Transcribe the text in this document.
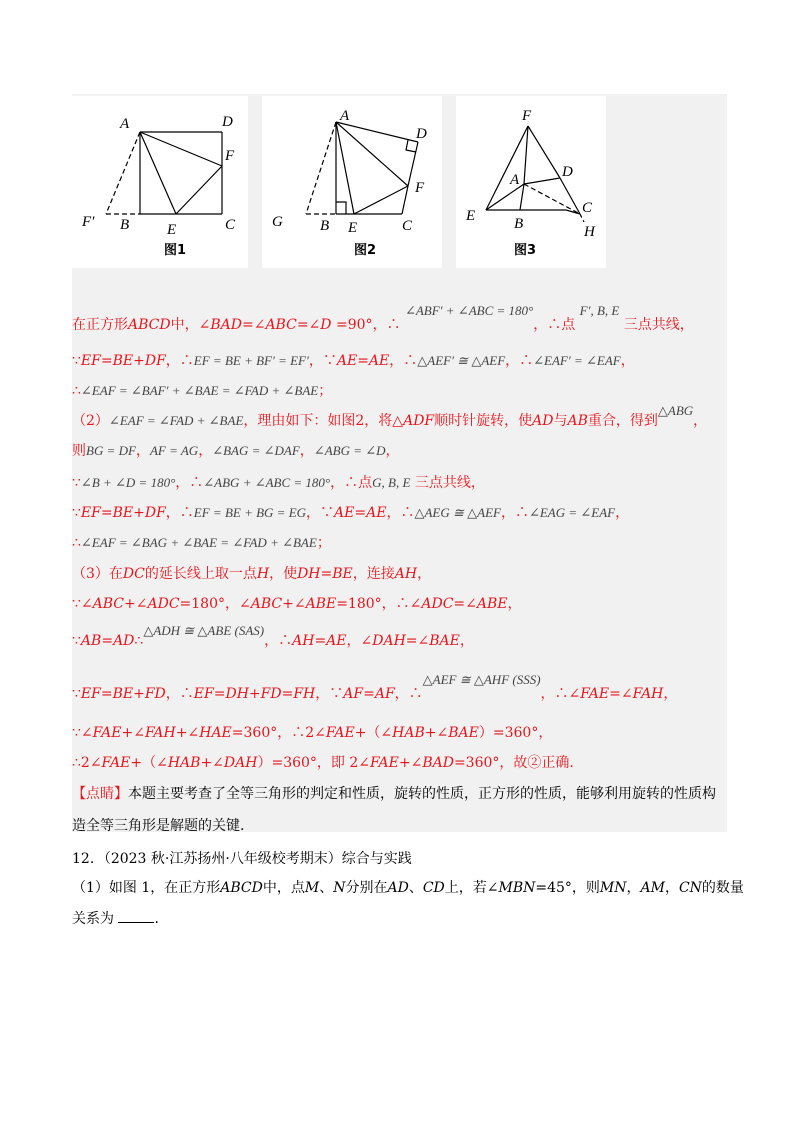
A	D
F
F′ B	E	C
图1
A
D
F
G B E	C
图2
F
A	D
E	B
C
H
图3
在正方形ABCD中，∠BAD=∠ABC=∠D =90°，∴ ∠ABF′ + ∠ABC = 180°，∴点 F′, B, E 三点共线，
∵EF=BE+DF，∴EF = BE + BF′ = EF′，∵AE=AE，∴△AEF′ ≅ △AEF，∴∠EAF′ = ∠EAF，
∴∠EAF = ∠BAF′ + ∠BAE = ∠FAD + ∠BAE；
（2）∠EAF = ∠FAD + ∠BAE，理由如下：如图2，将△ADF顺时针旋转，使AD与AB重合，得到△ABG，
则BG = DF，AF = AG，∠BAG = ∠DAF，∠ABG = ∠D，
∵∠B + ∠D = 180°，∴∠ABG + ∠ABC = 180°，∴点G, B, E 三点共线，
∵EF=BE+DF，∴EF = BE + BG = EG，∵AE=AE，∴△AEG ≅ △AEF，∴∠EAG = ∠EAF，
∴∠EAF = ∠BAG + ∠BAE = ∠FAD + ∠BAE；
（3）在DC的延长线上取一点H，使DH=BE，连接AH，
∵∠ABC+∠ADC=180°，∠ABC+∠ABE=180°，∴∠ADC=∠ABE，
∵AB=AD∴△ADH ≅ △ABE (SAS)，∴AH=AE，∠DAH=∠BAE，
∵EF=BE+FD，∴EF=DH+FD=FH，∵AF=AF，∴△AEF ≅ △AHF (SSS)，∴∠FAE=∠FAH，
∵∠FAE+∠FAH+∠HAE=360°，∴2∠FAE+（∠HAB+∠BAE）=360°，
∴2∠FAE+（∠HAB+∠DAH）=360°，即 2∠FAE+∠BAD=360°，故②正确.
【点睛】本题主要考查了全等三角形的判定和性质，旋转的性质，正方形的性质，能够利用旋转的性质构
造全等三角形是解题的关键.
12．（2023 秋·江苏扬州·八年级校考期末）综合与实践
（1）如图 1，在正方形ABCD中，点M、N分别在AD、CD上，若∠MBN=45°，则MN，AM，CN的数量
关系为	．
